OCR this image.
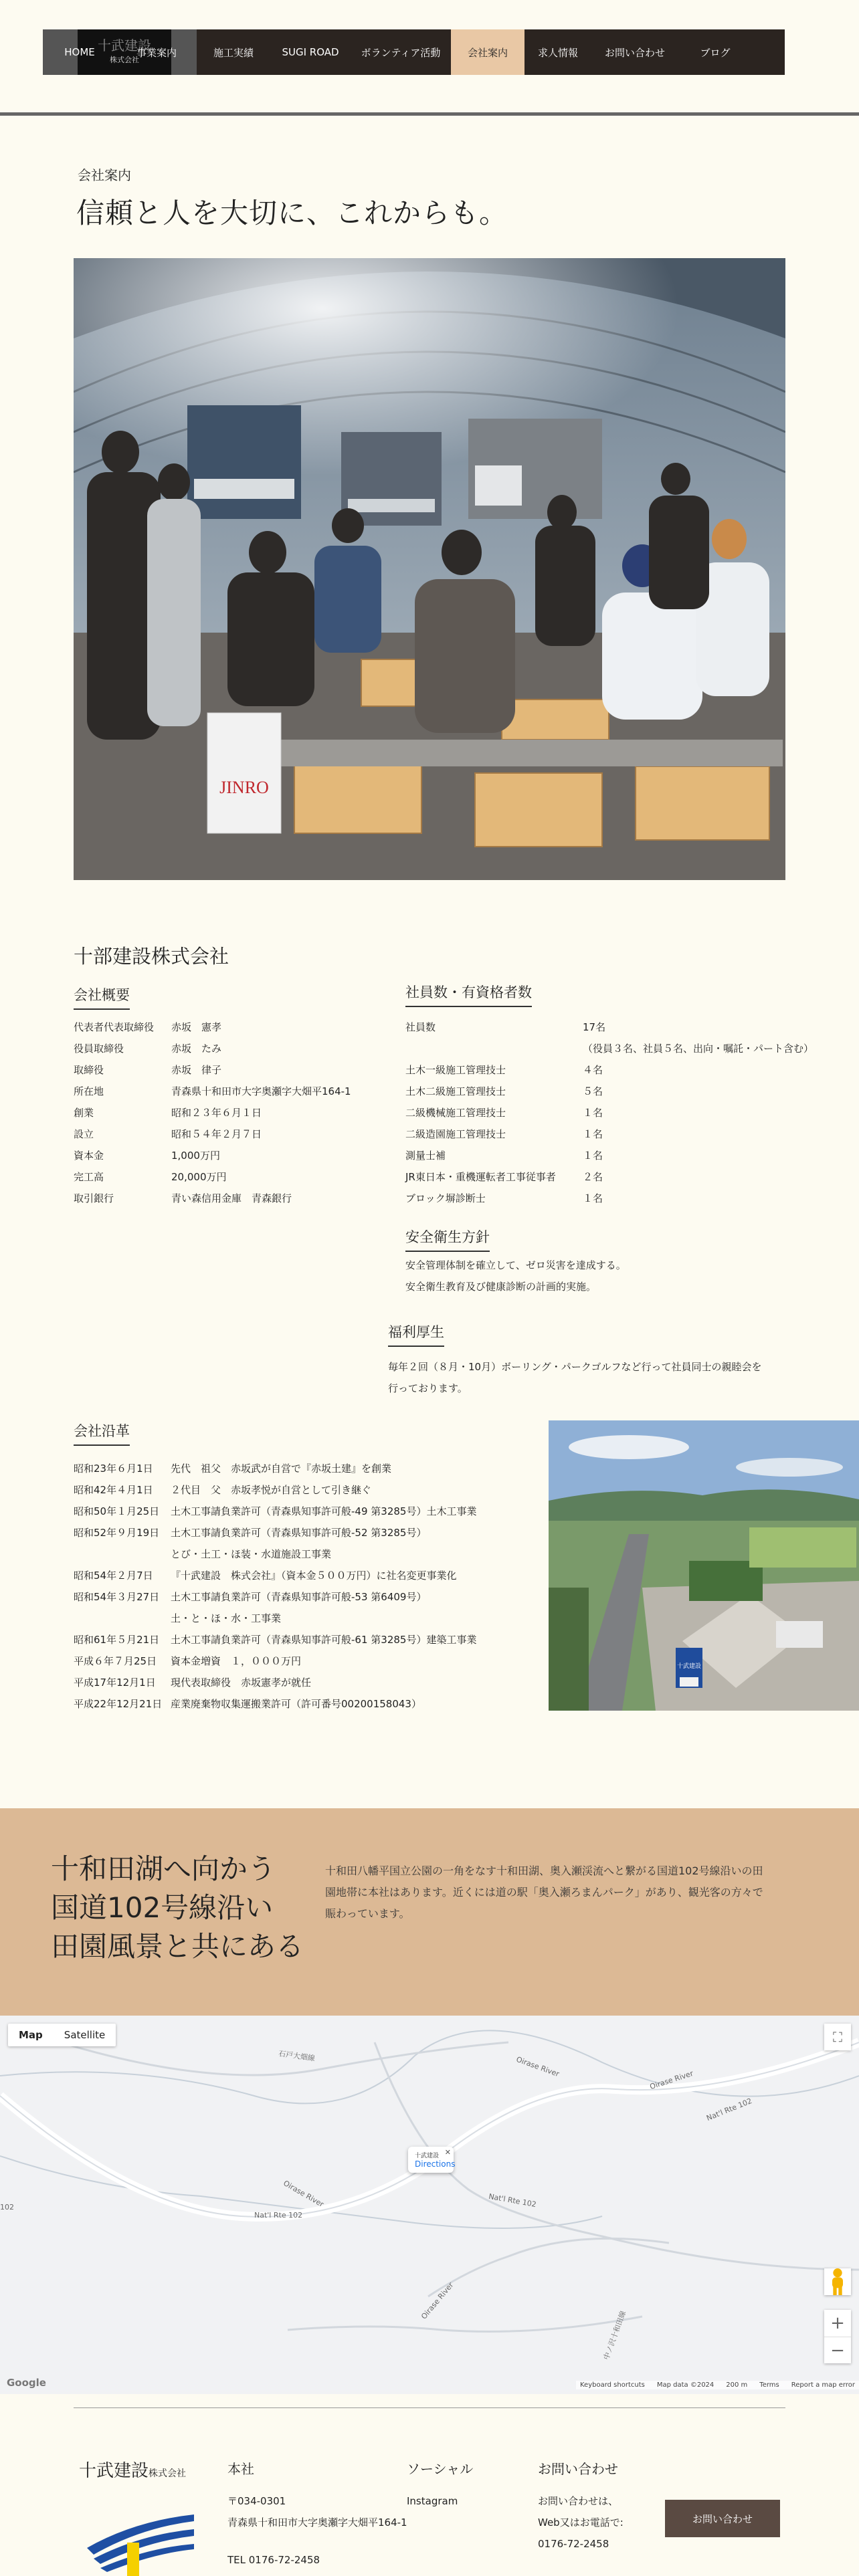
十武建設
株式会社
HOME	事業案内	施工実績	SUGI ROAD	ボランティア活動	会社案内	求人情報	お問い合わせ	ブログ
会社案内
信頼と人を大切に、これからも。
JINRO
十部建設株式会社
会社概要
代表者代表取締役	赤坂　憲孝
役員取締役	赤坂　たみ
取締役	赤坂　律子
所在地	青森県十和田市大字奥瀬字大畑平164-1
創業	昭和２３年６月１日
設立	昭和５４年２月７日
資本金	1,000万円
完工高	20,000万円
取引銀行	青い森信用金庫　青森銀行
社員数・有資格者数
社員数	17名
（役員３名、社員５名、出向・嘱託・パート含む）
土木一級施工管理技士	４名
土木二級施工管理技士	５名
二級機械施工管理技士	１名
二級造園施工管理技士	１名
測量士補	１名
JR東日本・重機運転者工事従事者	２名
ブロック塀診断士	１名
安全衛生方針
安全管理体制を確立して、ゼロ災害を達成する。
安全衛生教育及び健康診断の計画的実施。
福利厚生
毎年２回（８月・10月）ボーリング・パークゴルフなど行って社員同士の親睦会を
行っております。
会社沿革
昭和23年６月1日	先代　祖父　赤坂武が自営で『赤坂土建』を創業
昭和42年４月1日	２代目　父　赤坂孝悦が自営として引き継ぐ
昭和50年１月25日	土木工事請負業許可（青森県知事許可般-49 第3285号）土木工事業
昭和52年９月19日	土木工事請負業許可（青森県知事許可般-52 第3285号）
とび・土工・ほ装・水道施設工事業
昭和54年２月7日	『十武建設　株式会社』（資本金５００万円）に社名変更事業化
昭和54年３月27日	土木工事請負業許可（青森県知事許可般-53 第6409号）
土・と・ほ・水・工事業
昭和61年５月21日	土木工事請負業許可（青森県知事許可般-61 第3285号）建築工事業
平成６年７月25日	資本金増資　１，０００万円
平成17年12月1日	現代表取締役　赤坂憲孝が就任
平成22年12月21日 産業廃棄物収集運搬業許可（許可番号00200158043）
十武建設
十和田湖へ向かう
国道102号線沿い
田園風景と共にある
十和田八幡平国立公園の一角をなす十和田湖、奥入瀬渓流へと繋がる国道102号線沿いの田園地帯に本社はあります。近くには道の駅「奥入瀬ろまんパーク」があり、観光客の方々で賑わっています。
Map	Satellite	⛶
✕
十武建設
Directions
Oirase River
Nat'l Rte 102
Nat'l Rte 102
Nat'l Rte 102
Oirase River
Oirase River
102
Oirase River
石戸大畑線
中ノ沢十和田線	+
−
Google	Keyboard shortcuts Map data ©2024 200 m Terms Report a map error
十武建設株式会社	本社
〒034-0301
青森県十和田市大字奥瀬字大畑平164-1
TEL 0176-72-2458
ソーシャル
Instagram
お問い合わせ
お問い合わせは、
Web又はお電話で:
0176-72-2458
お問い合わせ
